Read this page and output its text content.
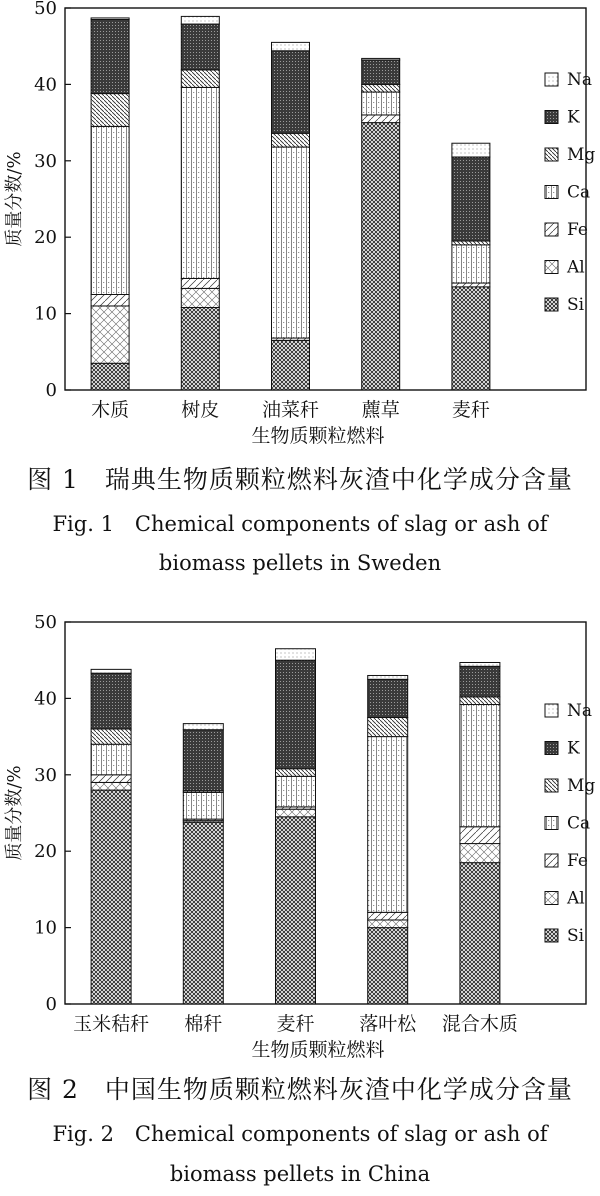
0
10
20
30
40
50
质量分数/%
木质	树皮 油菜秆 藨草	麦秆
生物质颗粒燃料
Na
K
Mg
Ca
Fe
Al
Si
图 1　瑞典生物质颗粒燃料灰渣中化学成分含量
Fig. 1　Chemical components of slag or ash of
biomass pellets in Sweden
0
10
20
30
40
50
质量分数/%
玉米秸秆 棉秆	麦秆 落叶松 混合木质
生物质颗粒燃料
Na
K
Mg
Ca
Fe
Al
Si
图 2　中国生物质颗粒燃料灰渣中化学成分含量
Fig. 2　Chemical components of slag or ash of
biomass pellets in China
